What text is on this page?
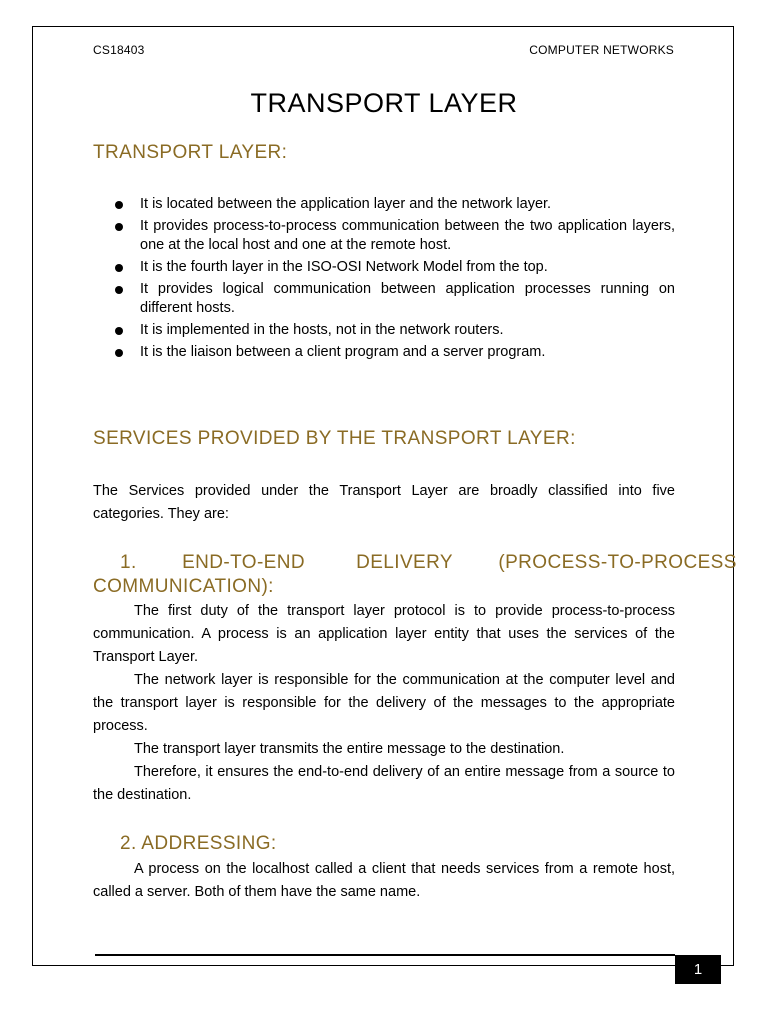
CS18403	COMPUTER NETWORKS
TRANSPORT LAYER
TRANSPORT LAYER:
It is located between the application layer and the network layer.
It provides process-to-process communication between the two application layers, one at the local host and one at the remote host.
It is the fourth layer in the ISO-OSI Network Model from the top.
It provides logical communication between application processes running on different hosts.
It is implemented in the hosts, not in the network routers.
It is the liaison between a client program and a server program.
SERVICES PROVIDED BY THE TRANSPORT LAYER:

The Services provided under the Transport Layer are broadly classified into five categories. They are:

1.        END-TO-END         DELIVERY        (PROCESS-TO-PROCESS
COMMUNICATION):

The first duty of the transport layer protocol is to provide process-to-process communication. A process is an application layer entity that uses the services of the Transport Layer.

The network layer is responsible for the communication at the computer level and the transport layer is responsible for the delivery of the messages to the appropriate process.

The transport layer transmits the entire message to the destination.

Therefore, it ensures the end-to-end delivery of an entire message from a source to the destination.

2. ADDRESSING:

A process on the localhost called a client that needs services from a remote host, called a server. Both of them have the same name.

1
